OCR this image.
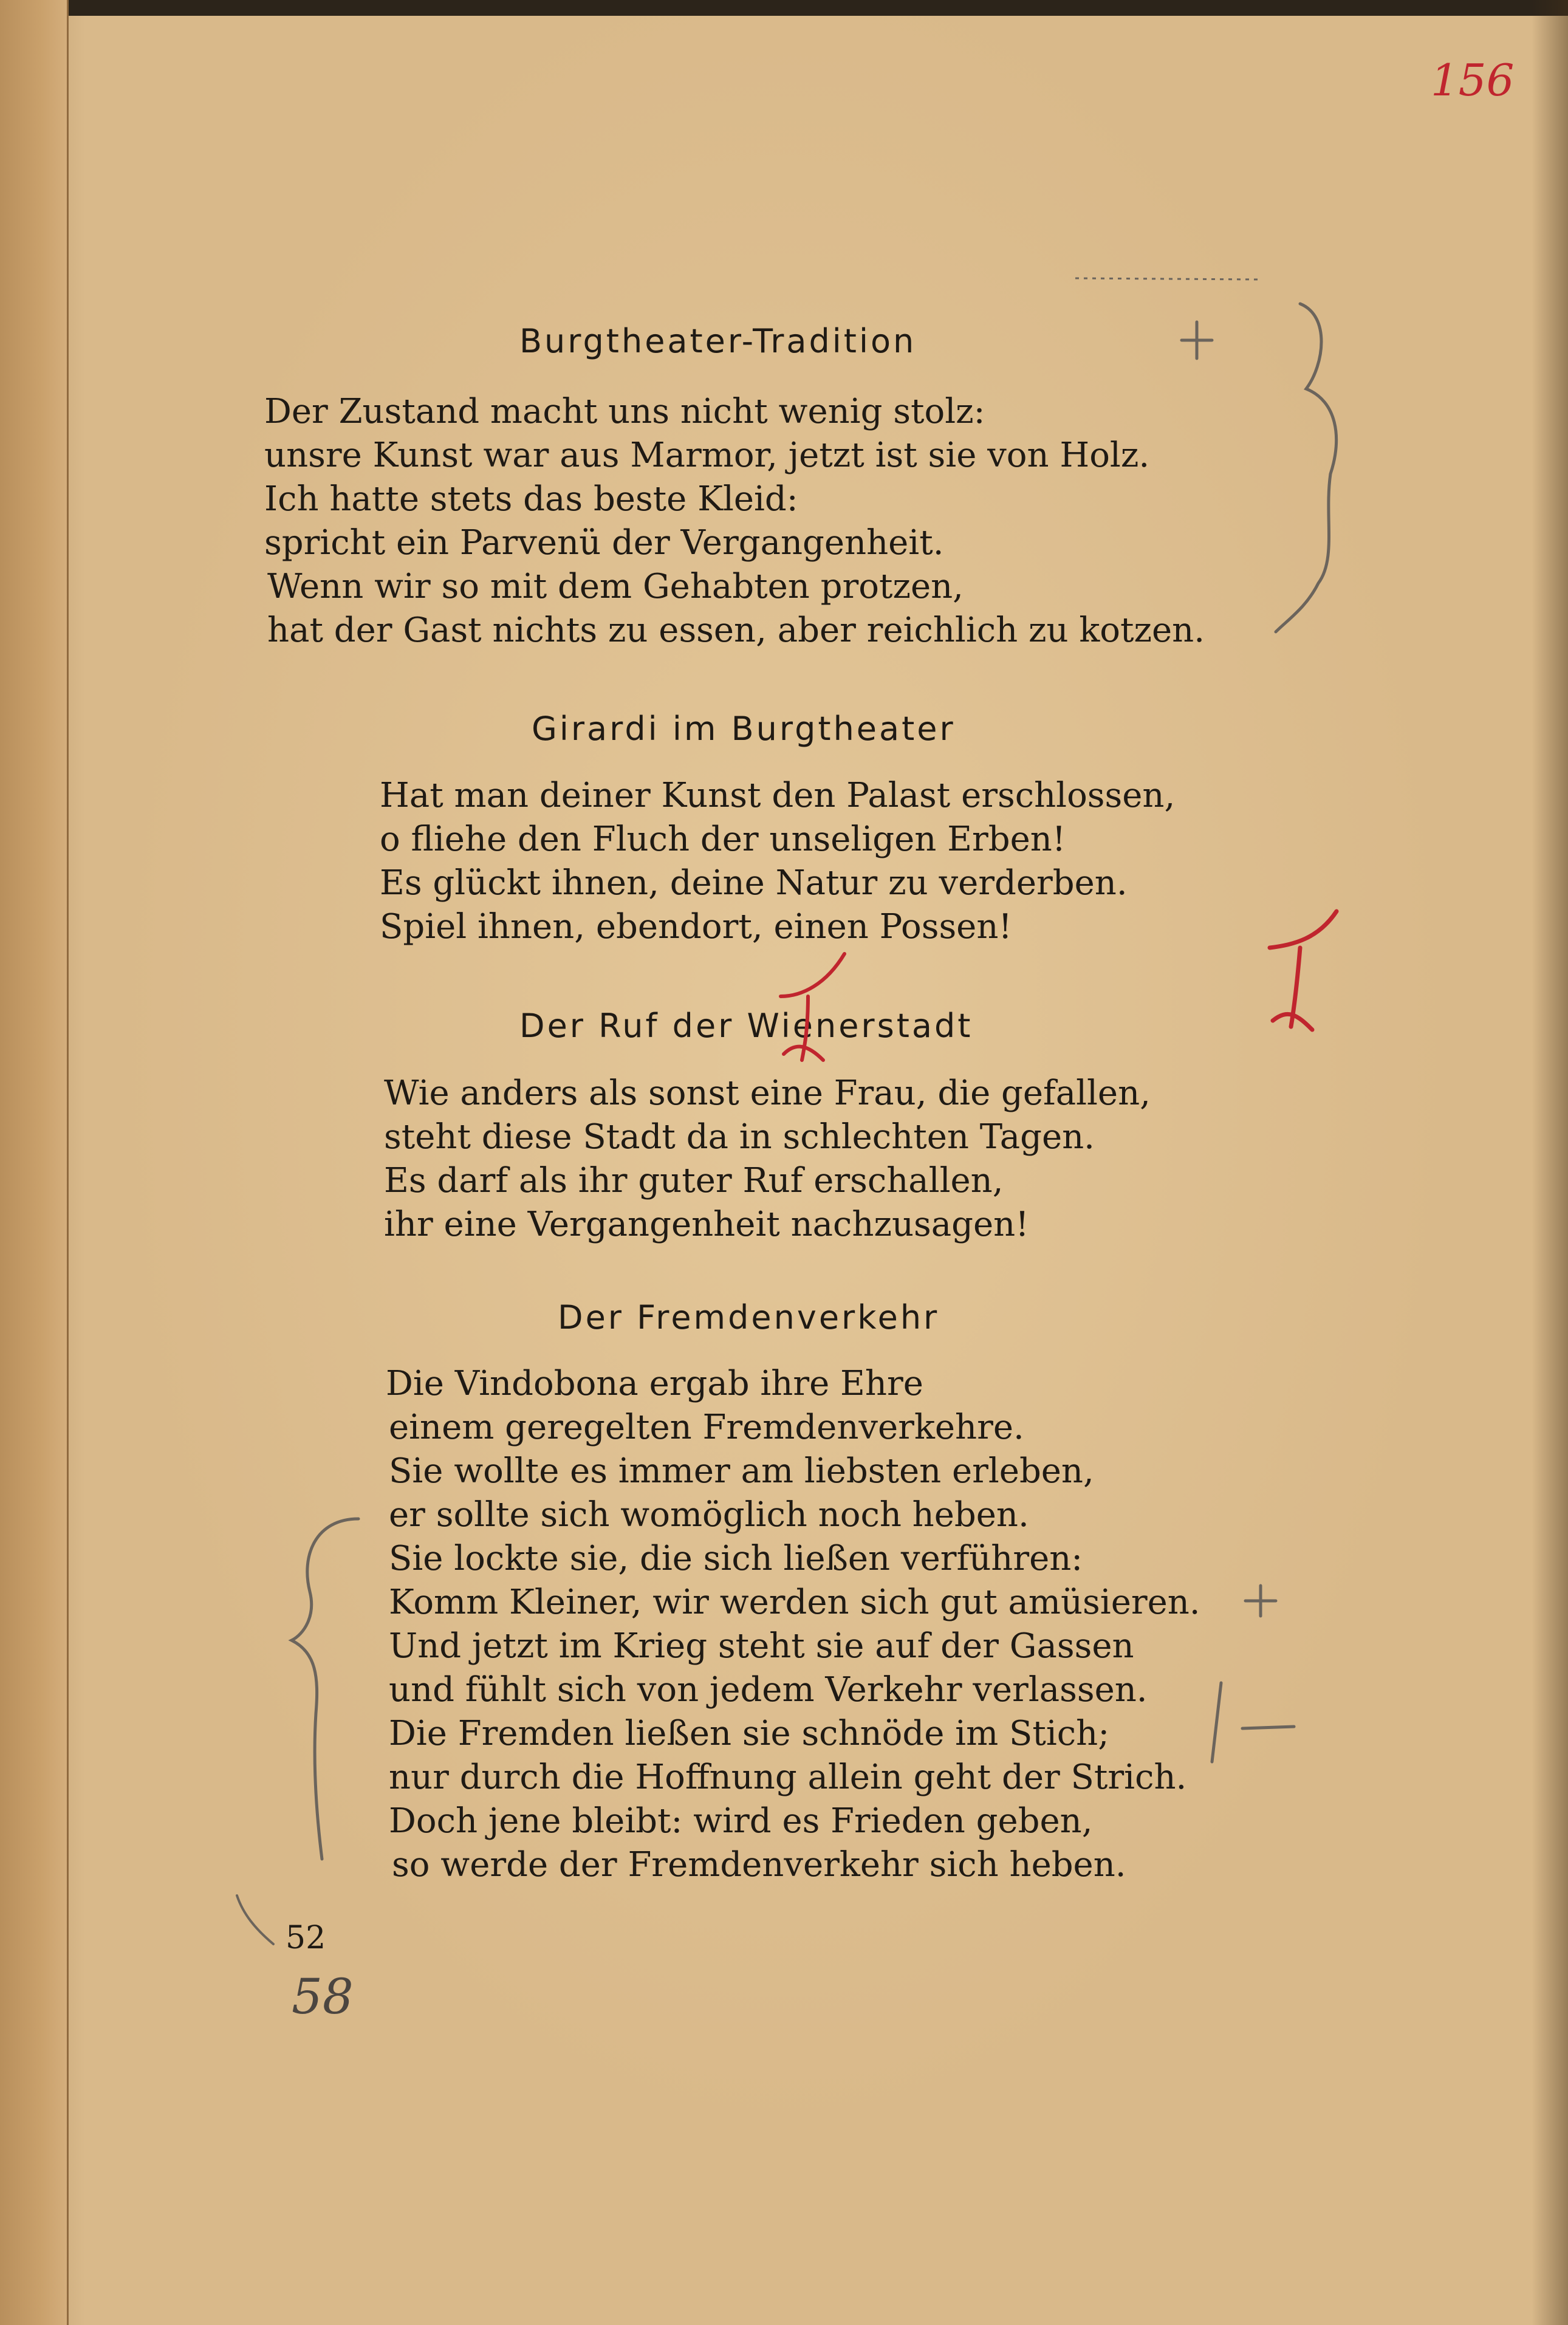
156
Burgtheater-Tradition
Der Zustand macht uns nicht wenig stolz:
unsre Kunst war aus Marmor, jetzt ist sie von Holz.
Ich hatte stets das beste Kleid:
spricht ein Parvenü der Vergangenheit.
Wenn wir so mit dem Gehabten protzen,
hat der Gast nichts zu essen, aber reichlich zu kotzen.
Girardi im Burgtheater
Hat man deiner Kunst den Palast erschlossen,
o fliehe den Fluch der unseligen Erben!
Es glückt ihnen, deine Natur zu verderben.
Spiel ihnen, ebendort, einen Possen!
Der Ruf der Wienerstadt
Wie anders als sonst eine Frau, die gefallen,
steht diese Stadt da in schlechten Tagen.
Es darf als ihr guter Ruf erschallen,
ihr eine Vergangenheit nachzusagen!
Der Fremdenverkehr
Die Vindobona ergab ihre Ehre
einem geregelten Fremdenverkehre.
Sie wollte es immer am liebsten erleben,
er sollte sich womöglich noch heben.
Sie lockte sie, die sich ließen verführen:
Komm Kleiner, wir werden sich gut amüsieren.
Und jetzt im Krieg steht sie auf der Gassen
und fühlt sich von jedem Verkehr verlassen.
Die Fremden ließen sie schnöde im Stich;
nur durch die Hoffnung allein geht der Strich.
Doch jene bleibt: wird es Frieden geben,
so werde der Fremdenverkehr sich heben.
52
58
